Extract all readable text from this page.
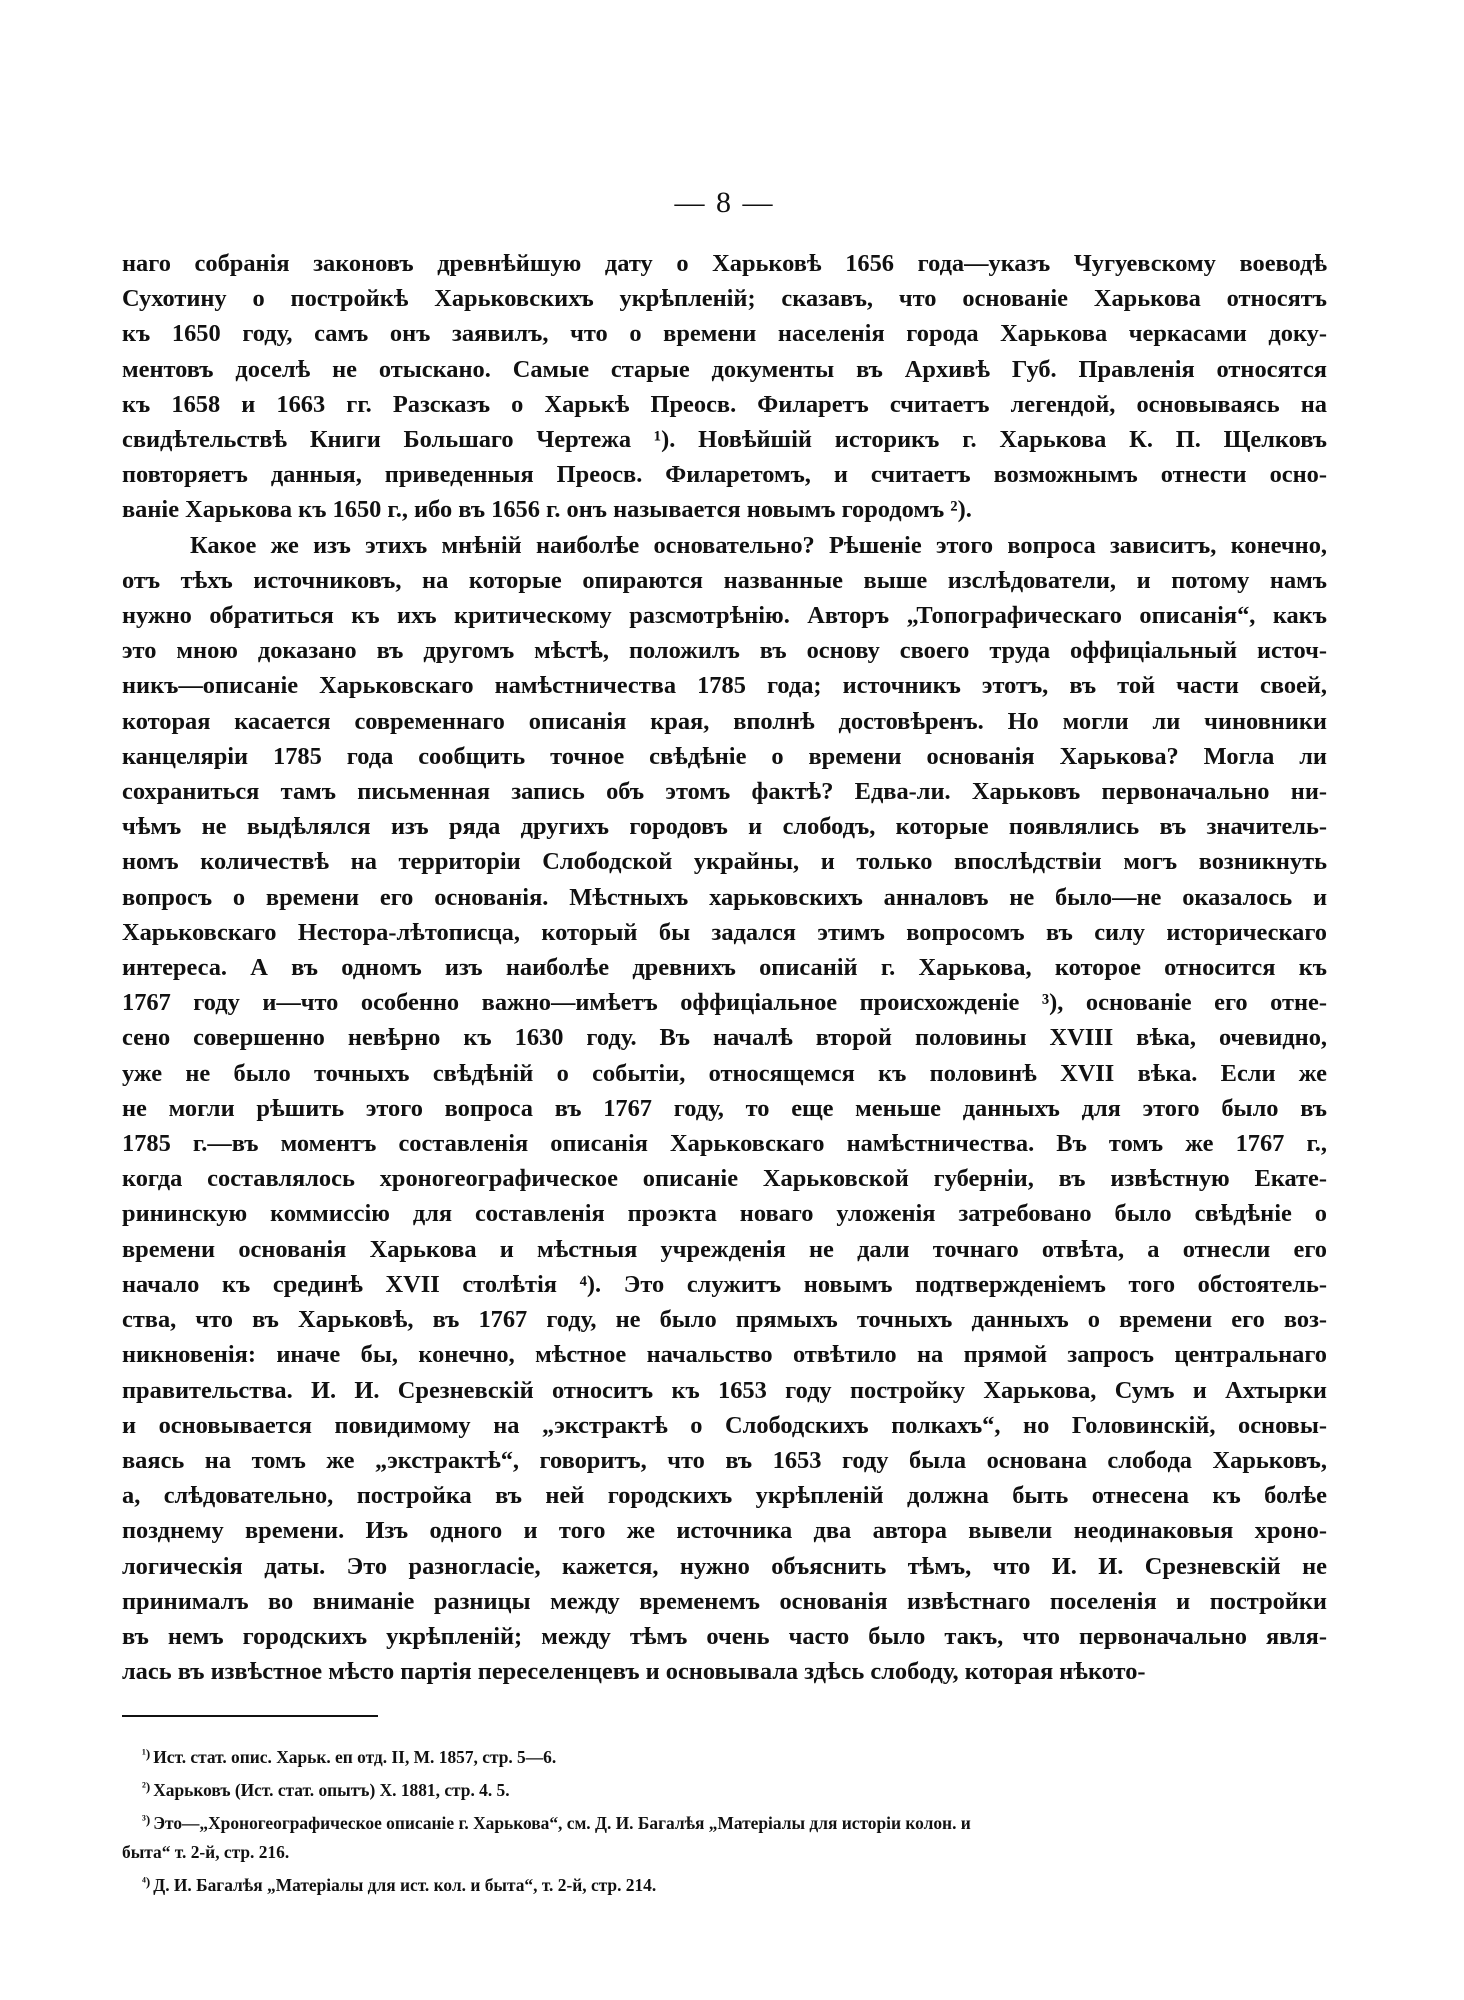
— 8 —

наго собранія законовъ древнѣйшую дату о Харьковѣ 1656 года—указъ Чугуевскому воеводѣ
Сухотину о постройкѣ Харьковскихъ укрѣпленій; сказавъ, что основаніе Харькова относятъ
къ 1650 году, самъ онъ заявилъ, что о времени населенія города Харькова черкасами доку-
ментовъ доселѣ не отыскано. Самые старые документы въ Архивѣ Губ. Правленія относятся
къ 1658 и 1663 гг. Разсказъ о Харькѣ Преосв. Филаретъ считаетъ легендой, основываясь на
свидѣтельствѣ Книги Большаго Чертежа ¹). Новѣйшій историкъ г. Харькова К. П. Щелковъ
повторяетъ данныя, приведенныя Преосв. Филаретомъ, и считаетъ возможнымъ отнести осно-
ваніе Харькова къ 1650 г., ибо въ 1656 г. онъ называется новымъ городомъ ²).

Какое же изъ этихъ мнѣній наиболѣе основательно? Рѣшеніе этого вопроса зависитъ, конечно,
отъ тѣхъ источниковъ, на которые опираются названные выше изслѣдователи, и потому намъ
нужно обратиться къ ихъ критическому разсмотрѣнію. Авторъ „Топографическаго описанія“, какъ
это мною доказано въ другомъ мѣстѣ, положилъ въ основу своего труда оффиціальный источ-
никъ—описаніе Харьковскаго намѣстничества 1785 года; источникъ этотъ, въ той части своей,
которая касается современнаго описанія края, вполнѣ достовѣренъ. Но могли ли чиновники
канцеляріи 1785 года сообщить точное свѣдѣніе о времени основанія Харькова? Могла ли
сохраниться тамъ письменная запись объ этомъ фактѣ? Едва-ли. Харьковъ первоначально ни-
чѣмъ не выдѣлялся изъ ряда другихъ городовъ и слободъ, которые появлялись въ значитель-
номъ количествѣ на территоріи Слободской украйны, и только впослѣдствіи могъ возникнуть
вопросъ о времени его основанія. Мѣстныхъ харьковскихъ анналовъ не было—не оказалось и
Харьковскаго Нестора-лѣтописца, который бы задался этимъ вопросомъ въ силу историческаго
интереса. А въ одномъ изъ наиболѣе древнихъ описаній г. Харькова, которое относится къ
1767 году и—что особенно важно—имѣетъ оффиціальное происхожденіе ³), основаніе его отне-
сено совершенно невѣрно къ 1630 году. Въ началѣ второй половины XVIII вѣка, очевидно,
уже не было точныхъ свѣдѣній о событіи, относящемся къ половинѣ XVII вѣка. Если же
не могли рѣшить этого вопроса въ 1767 году, то еще меньше данныхъ для этого было въ
1785 г.—въ моментъ составленія описанія Харьковскаго намѣстничества. Въ томъ же 1767 г.,
когда составлялось хроногеографическое описаніе Харьковской губерніи, въ извѣстную Екате-
рининскую коммиссію для составленія проэкта новаго уложенія затребовано было свѣдѣніе о
времени основанія Харькова и мѣстныя учрежденія не дали точнаго отвѣта, а отнесли его
начало къ срединѣ XVII столѣтія ⁴). Это служитъ новымъ подтвержденіемъ того обстоятель-
ства, что въ Харьковѣ, въ 1767 году, не было прямыхъ точныхъ данныхъ о времени его воз-
никновенія: иначе бы, конечно, мѣстное начальство отвѣтило на прямой запросъ центральнаго
правительства. И. И. Срезневскій относитъ къ 1653 году постройку Харькова, Сумъ и Ахтырки
и основывается повидимому на „экстрактѣ о Слободскихъ полкахъ“, но Головинскій, основы-
ваясь на томъ же „экстрактѣ“, говоритъ, что въ 1653 году была основана слобода Харьковъ,
а, слѣдовательно, постройка въ ней городскихъ укрѣпленій должна быть отнесена къ болѣе
позднему времени. Изъ одного и того же источника два автора вывели неодинаковыя хроно-
логическія даты. Это разногласіе, кажется, нужно объяснить тѣмъ, что И. И. Срезневскій не
принималъ во вниманіе разницы между временемъ основанія извѣстнаго поселенія и постройки
въ немъ городскихъ укрѣпленій; между тѣмъ очень часто было такъ, что первоначально явля-
лась въ извѣстное мѣсто партія переселенцевъ и основывала здѣсь слободу, которая нѣкото-

$^{^1)}$ Ист. стат. опис. Харьк. еп отд. II, М. 1857, стр. 5—6.
$^{^2)}$ Харьковъ (Ист. стат. опытъ) X. 1881, стр. 4. 5.
$^{^3)}$ Это—„Хроногеографическое описаніе г. Харькова“, см. Д. И. Багалѣя „Матеріалы для исторіи колон. и
быта“ т. 2-й, стр. 216.
$^{^4)}$ Д. И. Багалѣя „Матеріалы для ист. кол. и быта“, т. 2-й, стр. 214.
